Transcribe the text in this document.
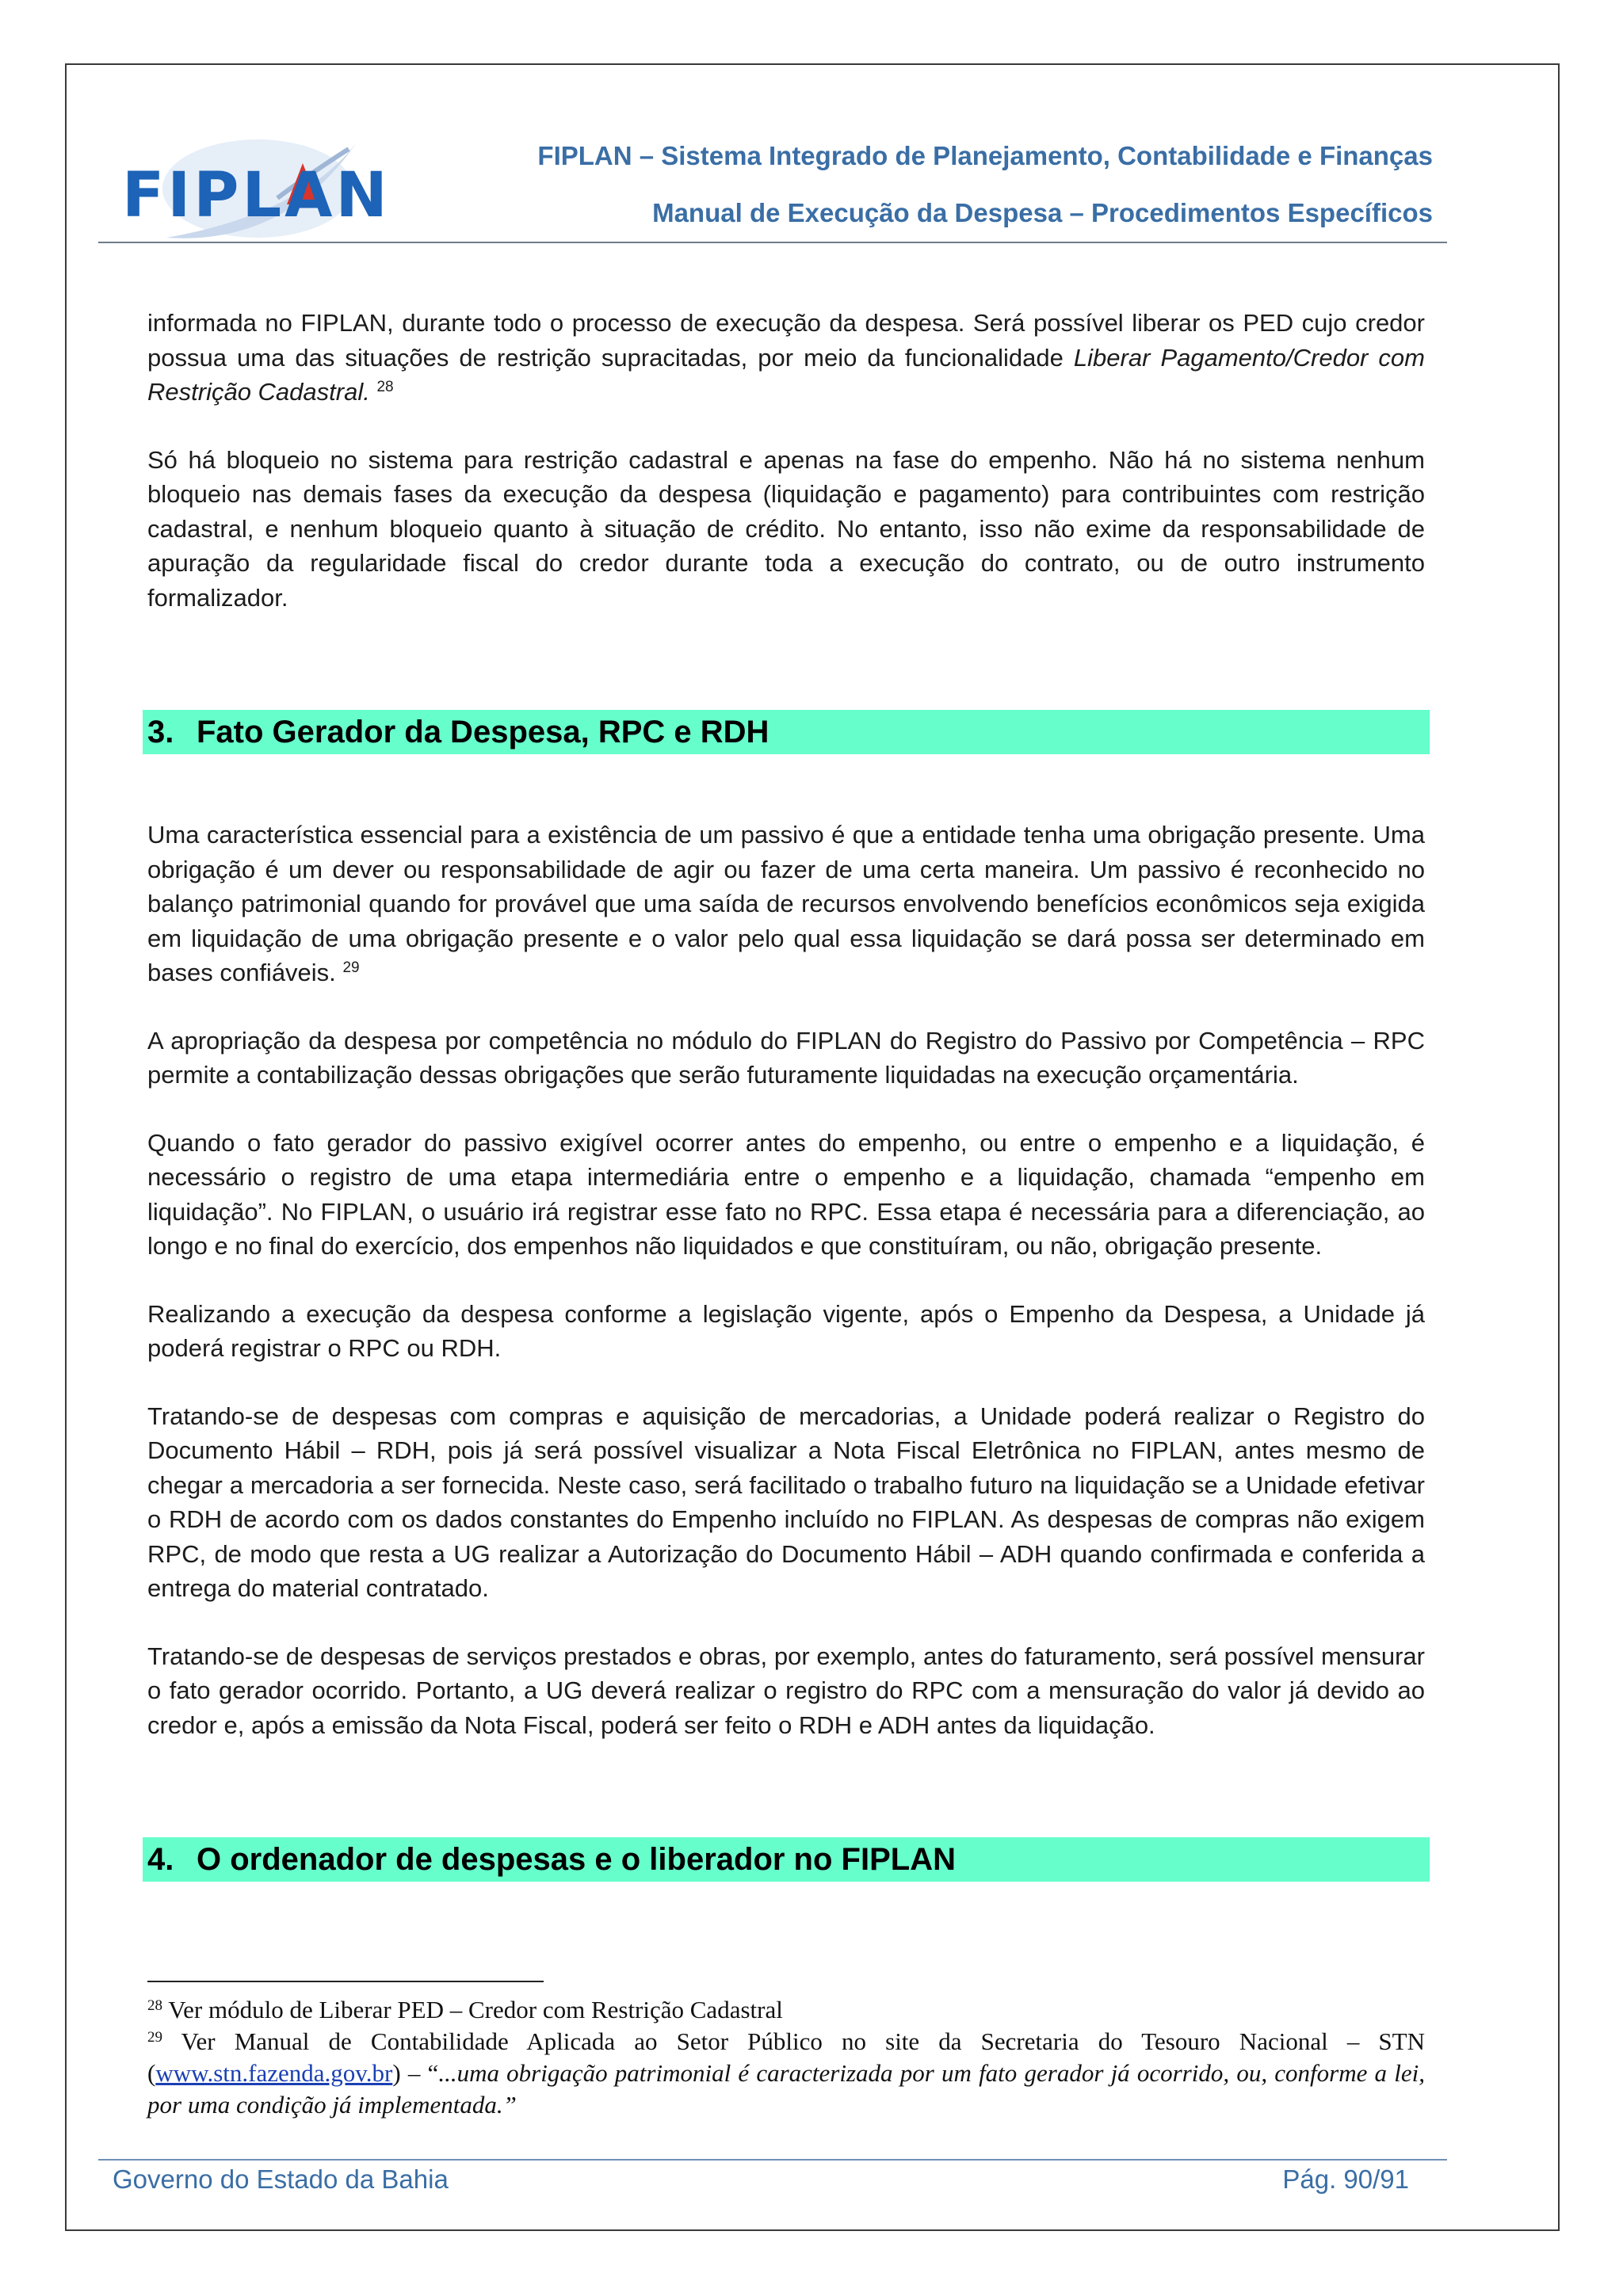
FIPLAN
FIPLAN – Sistema Integrado de Planejamento, Contabilidade e Finanças
Manual de Execução da Despesa – Procedimentos Específicos

informada no FIPLAN, durante todo o processo de execução da despesa. Será possível liberar os PED cujo credor possua uma das situações de restrição supracitadas, por meio da funcionalidade Liberar Pagamento/Credor com Restrição Cadastral. $^{28}$

Só há bloqueio no sistema para restrição cadastral e apenas na fase do empenho. Não há no sistema nenhum bloqueio nas demais fases da execução da despesa (liquidação e pagamento) para contribuintes com restrição cadastral, e nenhum bloqueio quanto à situação de crédito. No entanto, isso não exime da responsabilidade de apuração da regularidade fiscal do credor durante toda a execução do contrato, ou de outro instrumento formalizador.

3. Fato Gerador da Despesa, RPC e RDH

Uma característica essencial para a existência de um passivo é que a entidade tenha uma obrigação presente. Uma obrigação é um dever ou responsabilidade de agir ou fazer de uma certa maneira. Um passivo é reconhecido no balanço patrimonial quando for provável que uma saída de recursos envolvendo benefícios econômicos seja exigida em liquidação de uma obrigação presente e o valor pelo qual essa liquidação se dará possa ser determinado em bases confiáveis. $^{29}$

A apropriação da despesa por competência no módulo do FIPLAN do Registro do Passivo por Competência – RPC permite a contabilização dessas obrigações que serão futuramente liquidadas na execução orçamentária.

Quando o fato gerador do passivo exigível ocorrer antes do empenho, ou entre o empenho e a liquidação, é necessário o registro de uma etapa intermediária entre o empenho e a liquidação, chamada “empenho em liquidação”. No FIPLAN, o usuário irá registrar esse fato no RPC. Essa etapa é necessária para a diferenciação, ao longo e no final do exercício, dos empenhos não liquidados e que constituíram, ou não, obrigação presente.

Realizando a execução da despesa conforme a legislação vigente, após o Empenho da Despesa, a Unidade já poderá registrar o RPC ou RDH.

Tratando-se de despesas com compras e aquisição de mercadorias, a Unidade poderá realizar o Registro do Documento Hábil – RDH, pois já será possível visualizar a Nota Fiscal Eletrônica no FIPLAN, antes mesmo de chegar a mercadoria a ser fornecida. Neste caso, será facilitado o trabalho futuro na liquidação se a Unidade efetivar o RDH de acordo com os dados constantes do Empenho incluído no FIPLAN. As despesas de compras não exigem RPC, de modo que resta a UG realizar a Autorização do Documento Hábil – ADH quando confirmada e conferida a entrega do material contratado.

Tratando-se de despesas de serviços prestados e obras, por exemplo, antes do faturamento, será possível mensurar o fato gerador ocorrido. Portanto, a UG deverá realizar o registro do RPC com a mensuração do valor já devido ao credor e, após a emissão da Nota Fiscal, poderá ser feito o RDH e ADH antes da liquidação.

4. O ordenador de despesas e o liberador no FIPLAN

$^{28}$ Ver módulo de Liberar PED – Credor com Restrição Cadastral

$^{29}$ Ver Manual de Contabilidade Aplicada ao Setor Público no site da Secretaria do Tesouro Nacional – STN (www.stn.fazenda.gov.br) – “...uma obrigação patrimonial é caracterizada por um fato gerador já ocorrido, ou, conforme a lei, por uma condição já implementada.”

Governo do Estado da Bahia	Pág. 90/91
